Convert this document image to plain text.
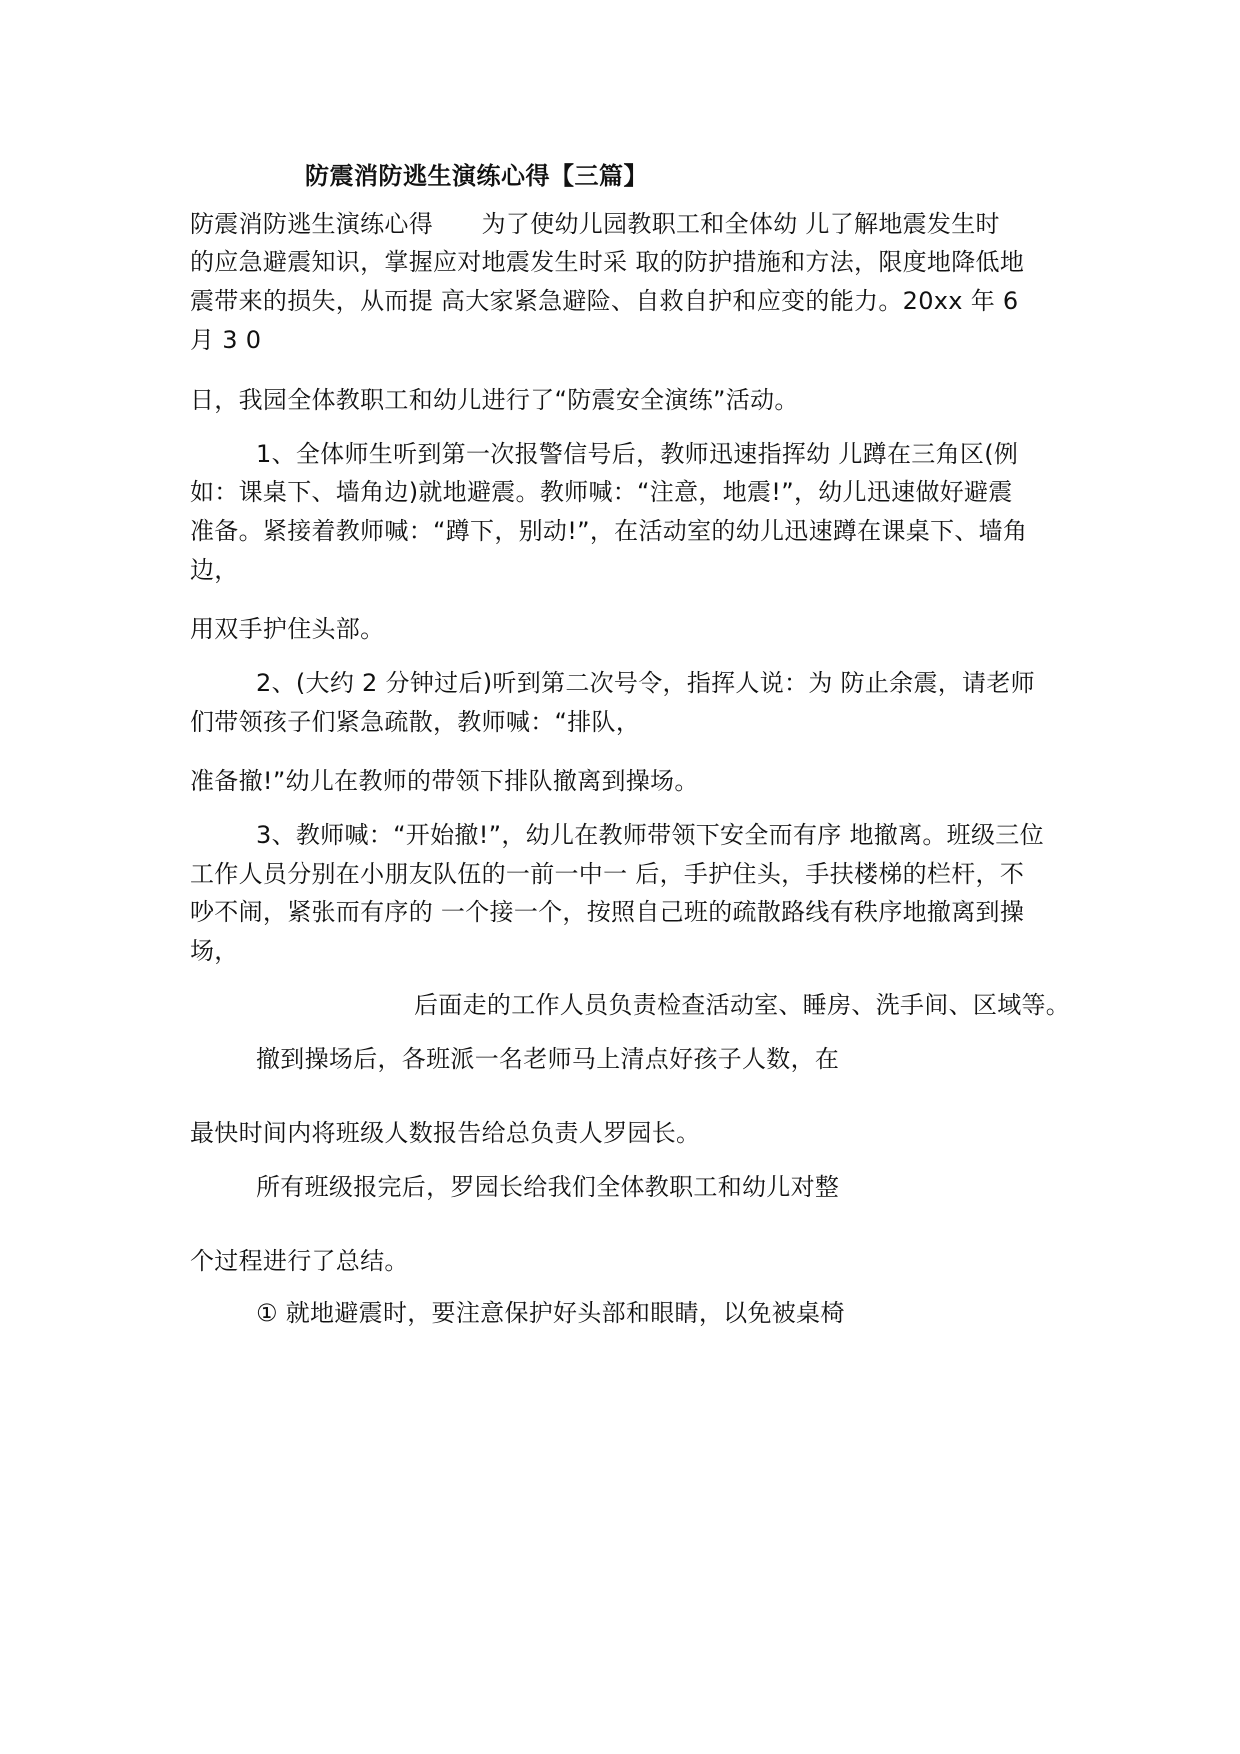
防震消防逃生演练心得【三篇】
防震消防逃生演练心得　　为了使幼儿园教职工和全体幼 儿了解地震发生时
的应急避震知识，掌握应对地震发生时采 取的防护措施和方法，限度地降低地
震带来的损失，从而提 高大家紧急避险、自救自护和应变的能力。20xx 年 6
月 3 0
日，我园全体教职工和幼儿进行了“防震安全演练”活动。
1、全体师生听到第一次报警信号后，教师迅速指挥幼 儿蹲在三角区(例
如：课桌下、墙角边)就地避震。教师喊：“注意，地震!”，幼儿迅速做好避震
准备。紧接着教师喊：“蹲下，别动!”，在活动室的幼儿迅速蹲在课桌下、墙角
边，
用双手护住头部。
2、(大约 2 分钟过后)听到第二次号令，指挥人说：为 防止余震，请老师
们带领孩子们紧急疏散，教师喊：“排队，
准备撤!”幼儿在教师的带领下排队撤离到操场。
3、教师喊：“开始撤!”，幼儿在教师带领下安全而有序 地撤离。班级三位
工作人员分别在小朋友队伍的一前一中一 后，手护住头，手扶楼梯的栏杆，不
吵不闹，紧张而有序的 一个接一个，按照自己班的疏散路线有秩序地撤离到操
场，
后面走的工作人员负责检查活动室、睡房、洗手间、区域等。
撤到操场后，各班派一名老师马上清点好孩子人数，在
最快时间内将班级人数报告给总负责人罗园长。
所有班级报完后，罗园长给我们全体教职工和幼儿对整
个过程进行了总结。
① 就地避震时，要注意保护好头部和眼睛，以免被桌椅
